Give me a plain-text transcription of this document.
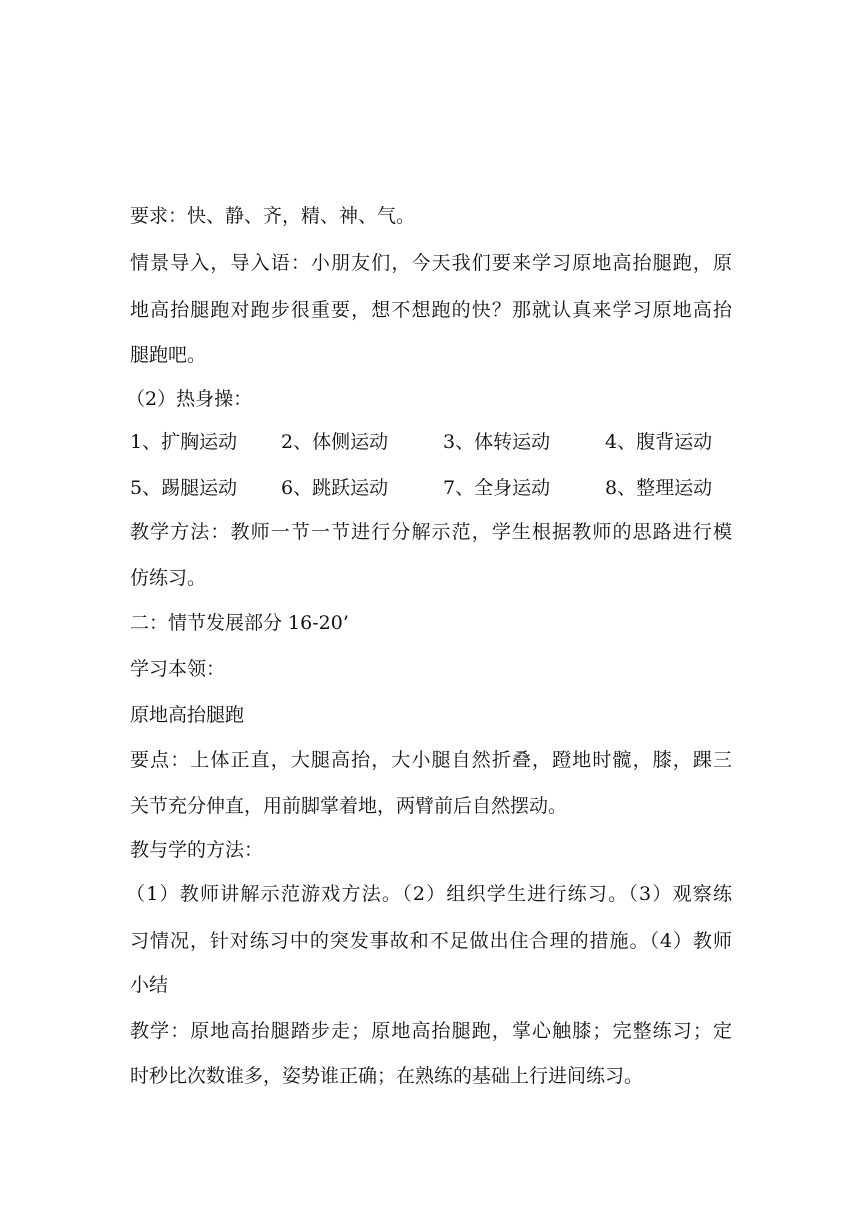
要求：快、静、齐，精、神、气。
情景导入，导入语：小朋友们，今天我们要来学习原地高抬腿跑，原
地高抬腿跑对跑步很重要，想不想跑的快？那就认真来学习原地高抬
腿跑吧。
（2）热身操：
1、扩胸运动 2、体侧运动	3、体转运动	4、腹背运动
5、踢腿运动 6、跳跃运动	7、全身运动	8、整理运动
教学方法：教师一节一节进行分解示范，学生根据教师的思路进行模
仿练习。
二：情节发展部分 16-20’
学习本领：
原地高抬腿跑
要点：上体正直，大腿高抬，大小腿自然折叠，蹬地时髋，膝，踝三
关节充分伸直，用前脚掌着地，两臂前后自然摆动。
教与学的方法：
（1）教师讲解示范游戏方法。（2）组织学生进行练习。（3）观察练
习情况，针对练习中的突发事故和不足做出住合理的措施。（4）教师
小结
教学：原地高抬腿踏步走；原地高抬腿跑，掌心触膝；完整练习；定
时秒比次数谁多，姿势谁正确；在熟练的基础上行进间练习。
